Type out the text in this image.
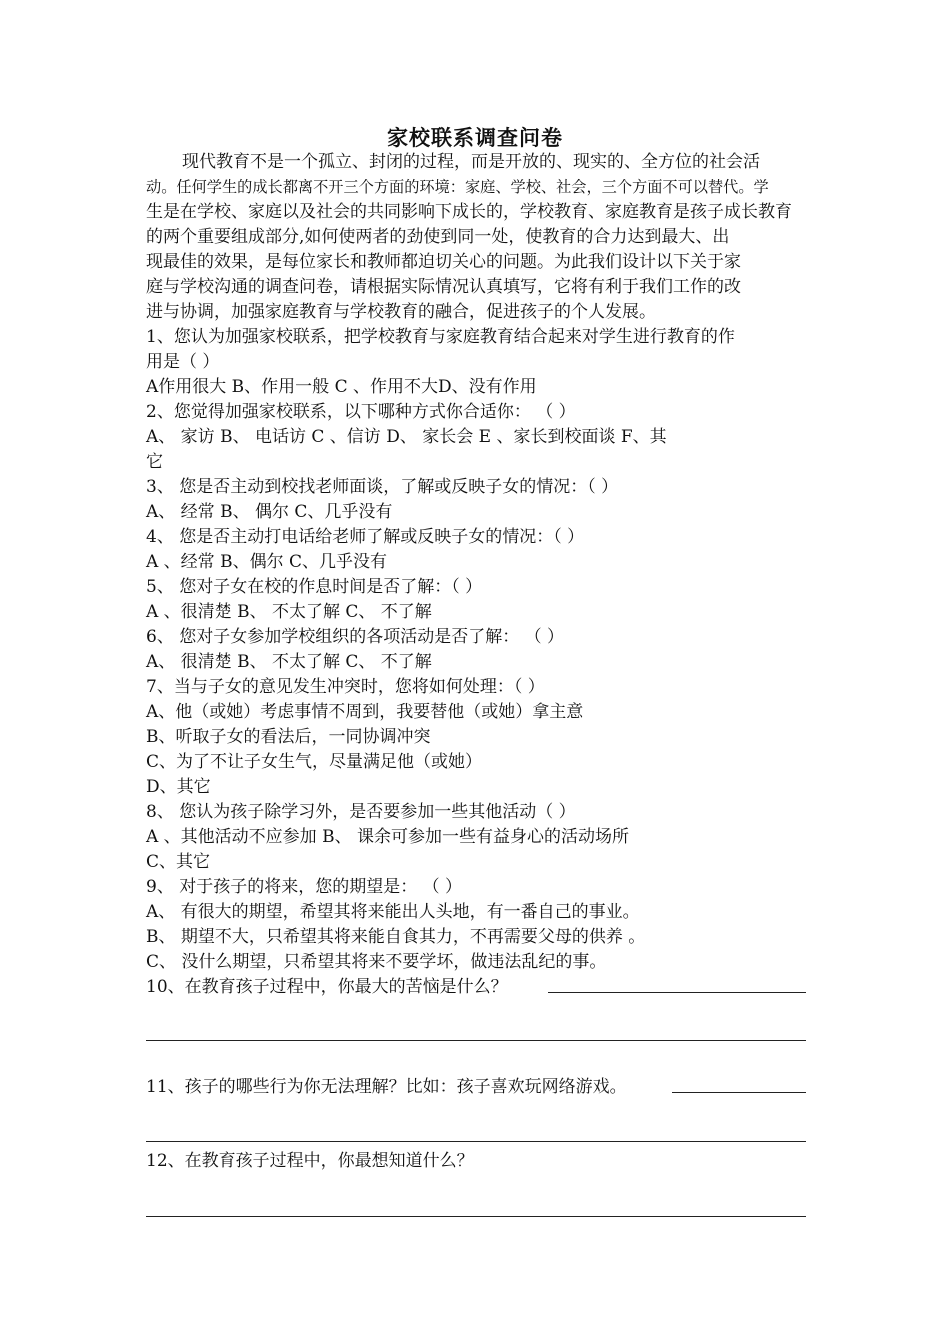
家校联系调查问卷
现代教育不是一个孤立、封闭的过程，而是开放的、现实的、全方位的社会活
动。任何学生的成长都离不开三个方面的环境：家庭、学校、社会，三个方面不可以替代。学
生是在学校、家庭以及社会的共同影响下成长的，学校教育、家庭教育是孩子成长教育
的两个重要组成部分,如何使两者的劲使到同一处，使教育的合力达到最大、出
现最佳的效果，是每位家长和教师都迫切关心的问题。为此我们设计以下关于家
庭与学校沟通的调查问卷，请根据实际情况认真填写，它将有利于我们工作的改
进与协调，加强家庭教育与学校教育的融合，促进孩子的个人发展。
1、您认为加强家校联系，把学校教育与家庭教育结合起来对学生进行教育的作
用是（ ）
A作用很大 B、作用一般 C 、作用不大D、没有作用
2、您觉得加强家校联系，以下哪种方式你合适你： （ ）
A、 家访 B、 电话访 C 、信访 D、 家长会 E 、家长到校面谈 F、其
它
3、 您是否主动到校找老师面谈，了解或反映子女的情况：（ ）
A、 经常 B、 偶尔 C、几乎没有
4、 您是否主动打电话给老师了解或反映子女的情况：（ ）
A 、经常 B、偶尔 C、几乎没有
5、 您对子女在校的作息时间是否了解：（ ）
A 、很清楚 B、 不太了解 C、 不了解
6、 您对子女参加学校组织的各项活动是否了解： （ ）
A、 很清楚 B、 不太了解 C、 不了解
7、当与子女的意见发生冲突时，您将如何处理：（ ）
A、他（或她）考虑事情不周到，我要替他（或她）拿主意
B、听取子女的看法后，一同协调冲突
C、为了不让子女生气，尽量满足他（或她）
D、其它
8、 您认为孩子除学习外，是否要参加一些其他活动（ ）
A 、其他活动不应参加 B、 课余可参加一些有益身心的活动场所
C、其它
9、 对于孩子的将来，您的期望是： （ ）
A、 有很大的期望，希望其将来能出人头地，有一番自己的事业。
B、 期望不大，只希望其将来能自食其力，不再需要父母的供养 。
C、 没什么期望，只希望其将来不要学坏，做违法乱纪的事。
10、在教育孩子过程中，你最大的苦恼是什么？
11、孩子的哪些行为你无法理解？比如：孩子喜欢玩网络游戏。
12、在教育孩子过程中，你最想知道什么？
